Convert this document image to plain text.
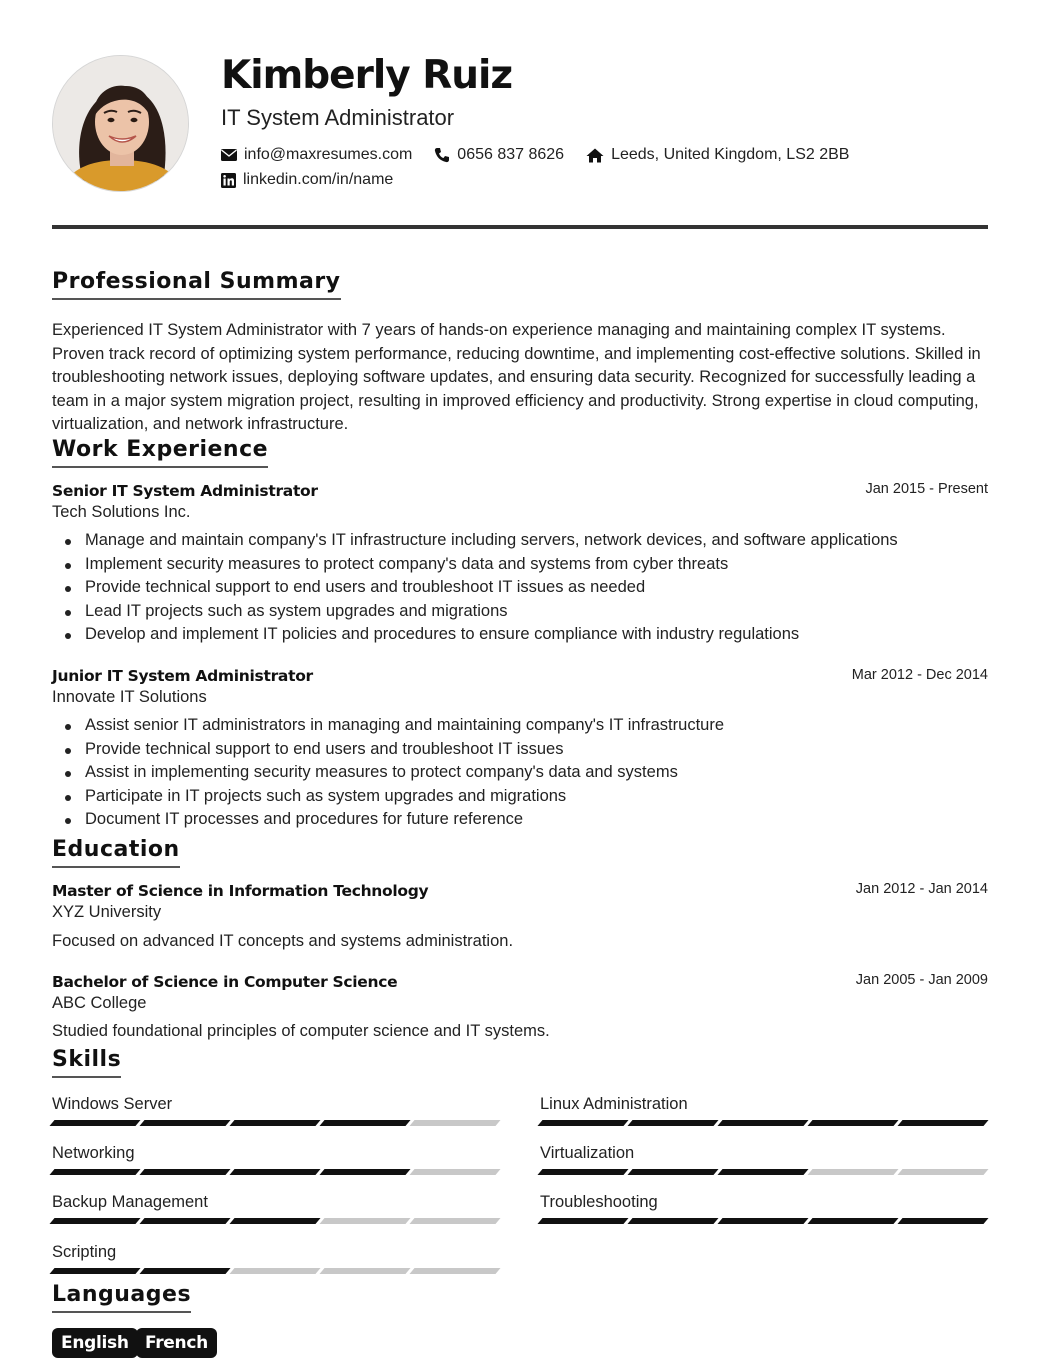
Kimberly Ruiz
IT System Administrator
info@maxresumes.com	0656 837 8626	Leeds, United Kingdom, LS2 2BB
linkedin.com/in/name
Professional Summary
Experienced IT System Administrator with 7 years of hands-on experience managing and maintaining complex IT systems. Proven track record of optimizing system performance, reducing downtime, and implementing cost-effective solutions. Skilled in troubleshooting network issues, deploying software updates, and ensuring data security. Recognized for successfully leading a team in a major system migration project, resulting in improved efficiency and productivity. Strong expertise in cloud computing, virtualization, and network infrastructure.
Work Experience
Senior IT System Administrator	Jan 2015 - Present
Tech Solutions Inc.
Manage and maintain company's IT infrastructure including servers, network devices, and software applications
Implement security measures to protect company's data and systems from cyber threats
Provide technical support to end users and troubleshoot IT issues as needed
Lead IT projects such as system upgrades and migrations
Develop and implement IT policies and procedures to ensure compliance with industry regulations
Junior IT System Administrator	Mar 2012 - Dec 2014
Innovate IT Solutions
Assist senior IT administrators in managing and maintaining company's IT infrastructure
Provide technical support to end users and troubleshoot IT issues
Assist in implementing security measures to protect company's data and systems
Participate in IT projects such as system upgrades and migrations
Document IT processes and procedures for future reference
Education
Master of Science in Information Technology	Jan 2012 - Jan 2014
XYZ University
Focused on advanced IT concepts and systems administration.
Bachelor of Science in Computer Science	Jan 2005 - Jan 2009
ABC College
Studied foundational principles of computer science and IT systems.
Skills
Windows Server	Linux Administration
Networking	Virtualization
Backup Management	Troubleshooting
Scripting
Languages
English French
